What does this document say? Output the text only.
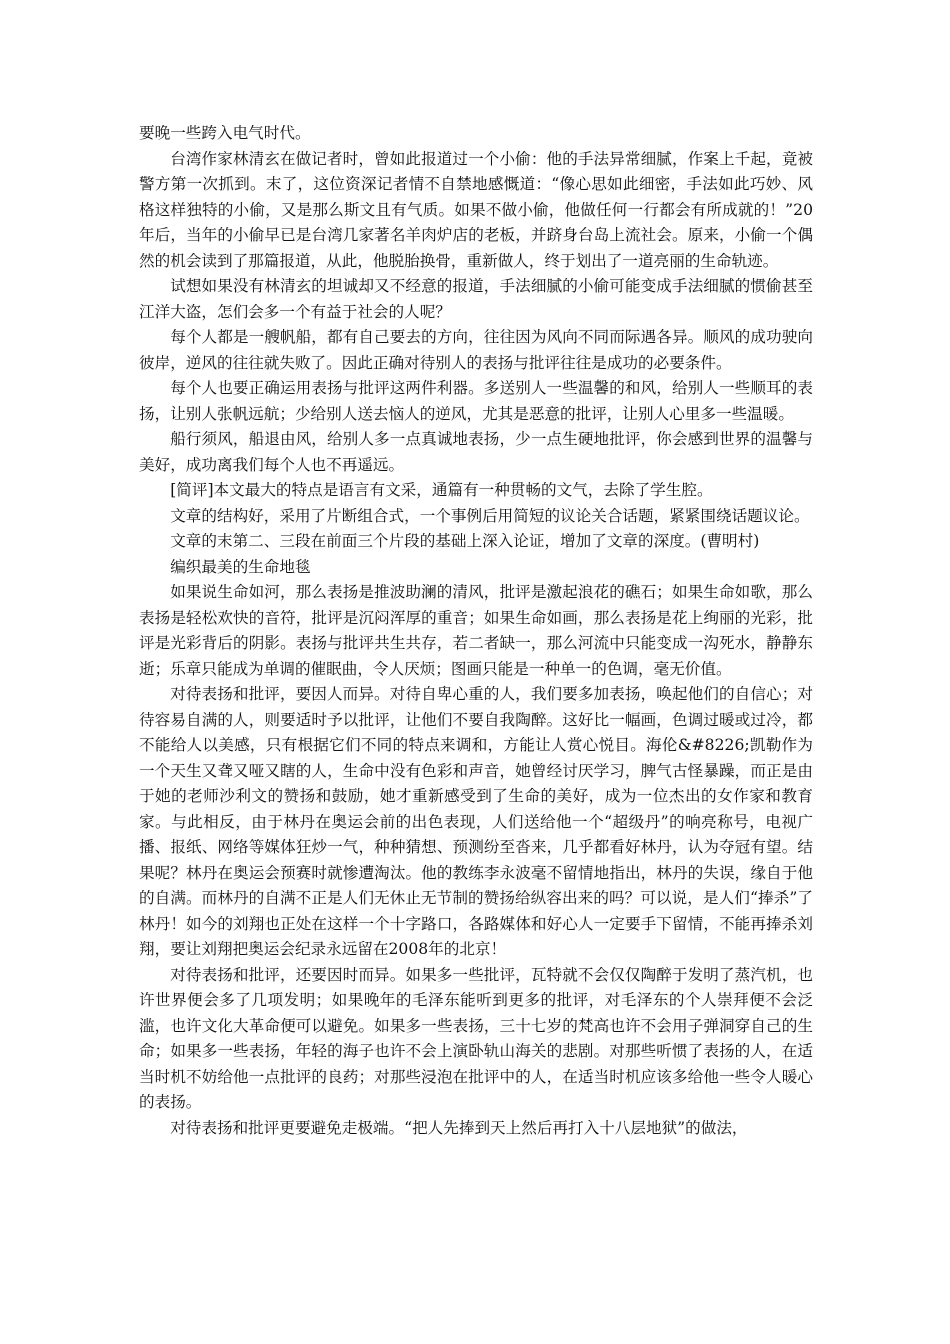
要晚一些跨入电气时代。

台湾作家林清玄在做记者时，曾如此报道过一个小偷：他的手法异常细腻，作案上千起，竟被警方第一次抓到。末了，这位资深记者情不自禁地感慨道：“像心思如此细密，手法如此巧妙、风格这样独特的小偷，又是那么斯文且有气质。如果不做小偷，他做任何一行都会有所成就的！”20年后，当年的小偷早已是台湾几家著名羊肉炉店的老板，并跻身台岛上流社会。原来，小偷一个偶然的机会读到了那篇报道，从此，他脱胎换骨，重新做人，终于划出了一道亮丽的生命轨迹。

试想如果没有林清玄的坦诚却又不经意的报道，手法细腻的小偷可能变成手法细腻的惯偷甚至江洋大盗，怎们会多一个有益于社会的人呢？

每个人都是一艘帆船，都有自己要去的方向，往往因为风向不同而际遇各异。顺风的成功驶向彼岸，逆风的往往就失败了。因此正确对待别人的表扬与批评往往是成功的必要条件。

每个人也要正确运用表扬与批评这两件利器。多送别人一些温馨的和风，给别人一些顺耳的表扬，让别人张帆远航；少给别人送去恼人的逆风，尤其是恶意的批评，让别人心里多一些温暖。

船行须风，船退由风，给别人多一点真诚地表扬，少一点生硬地批评，你会感到世界的温馨与美好，成功离我们每个人也不再遥远。

[简评]本文最大的特点是语言有文采，通篇有一种贯畅的文气，去除了学生腔。

文章的结构好，采用了片断组合式，一个事例后用简短的议论关合话题，紧紧围绕话题议论。

文章的末第二、三段在前面三个片段的基础上深入论证，增加了文章的深度。(曹明村)

编织最美的生命地毯

如果说生命如河，那么表扬是推波助澜的清风，批评是激起浪花的礁石；如果生命如歌，那么表扬是轻松欢快的音符，批评是沉闷浑厚的重音；如果生命如画，那么表扬是花上绚丽的光彩，批评是光彩背后的阴影。表扬与批评共生共存，若二者缺一，那么河流中只能变成一沟死水，静静东逝；乐章只能成为单调的催眠曲，令人厌烦；图画只能是一种单一的色调，毫无价值。

对待表扬和批评，要因人而异。对待自卑心重的人，我们要多加表扬，唤起他们的自信心；对待容易自满的人，则要适时予以批评，让他们不要自我陶醉。这好比一幅画，色调过暖或过冷，都不能给人以美感，只有根据它们不同的特点来调和，方能让人赏心悦目。海伦&#8226;凯勒作为一个天生又聋又哑又瞎的人，生命中没有色彩和声音，她曾经讨厌学习，脾气古怪暴躁，而正是由于她的老师沙利文的赞扬和鼓励，她才重新感受到了生命的美好，成为一位杰出的女作家和教育家。与此相反，由于林丹在奥运会前的出色表现，人们送给他一个“超级丹”的响亮称号，电视广播、报纸、网络等媒体狂炒一气，种种猜想、预测纷至沓来，几乎都看好林丹，认为夺冠有望。结果呢？林丹在奥运会预赛时就惨遭淘汰。他的教练李永波毫不留情地指出，林丹的失误，缘自于他的自满。而林丹的自满不正是人们无休止无节制的赞扬给纵容出来的吗？可以说，是人们“捧杀”了林丹！如今的刘翔也正处在这样一个十字路口，各路媒体和好心人一定要手下留情，不能再捧杀刘翔，要让刘翔把奥运会纪录永远留在2008年的北京！

对待表扬和批评，还要因时而异。如果多一些批评，瓦特就不会仅仅陶醉于发明了蒸汽机，也许世界便会多了几项发明；如果晚年的毛泽东能听到更多的批评，对毛泽东的个人崇拜便不会泛滥，也许文化大革命便可以避免。如果多一些表扬，三十七岁的梵高也许不会用子弹洞穿自己的生命；如果多一些表扬，年轻的海子也许不会上演卧轨山海关的悲剧。对那些听惯了表扬的人，在适当时机不妨给他一点批评的良药；对那些浸泡在批评中的人，在适当时机应该多给他一些令人暖心的表扬。

对待表扬和批评更要避免走极端。“把人先捧到天上然后再打入十八层地狱”的做法，
